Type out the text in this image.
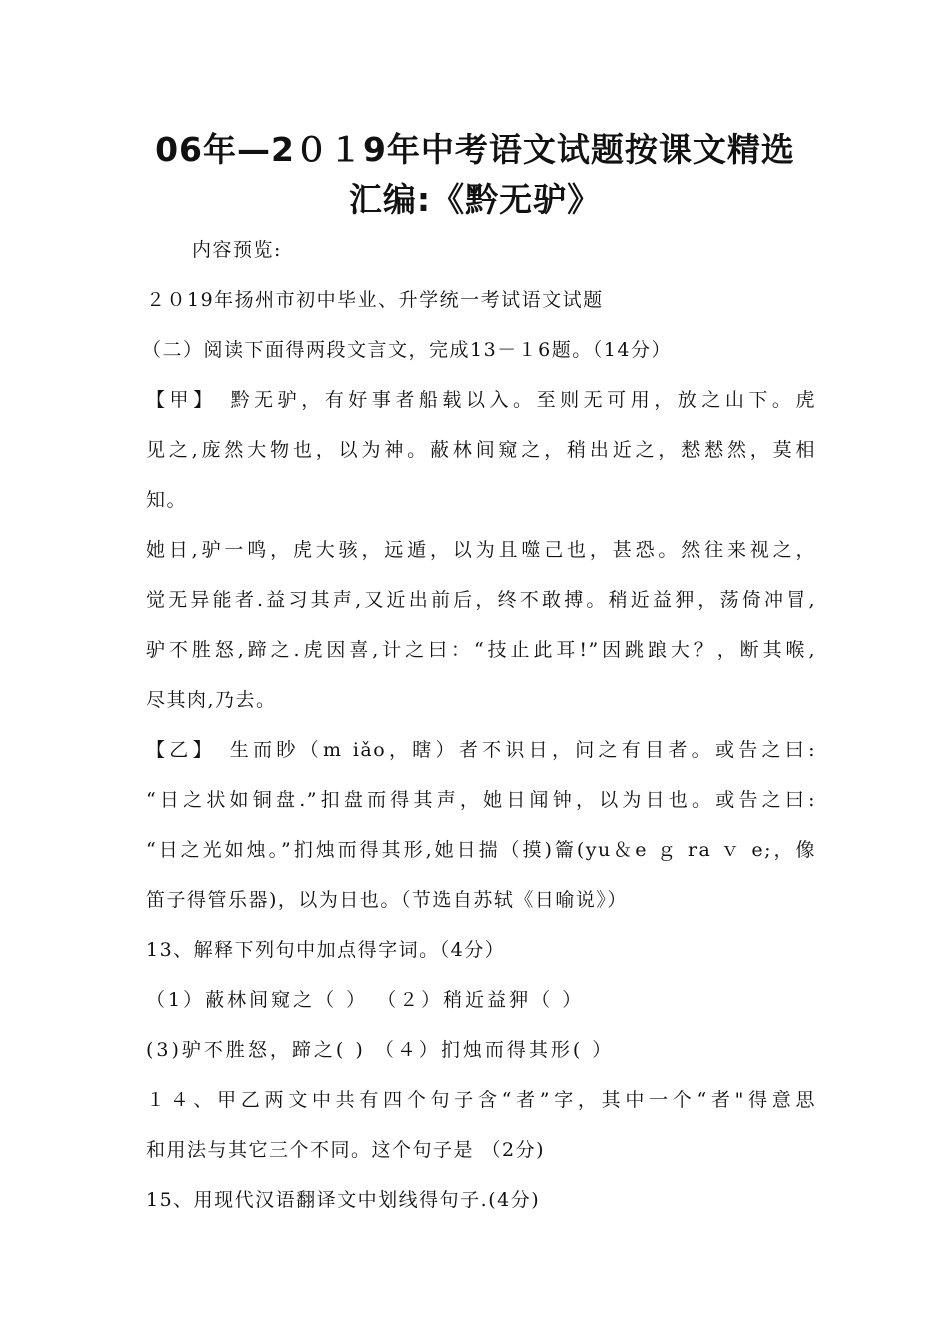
06年—2０１9年中考语文试题按课文精选
汇编:《黔无驴》
内容预览:
２０19年扬州市初中毕业、升学统一考试语文试题
（二）阅读下面得两段文言文，完成13－１6题。（14分）
【甲】 黔无驴，有好事者船载以入。至则无可用，放之山下。虎
见之,庞然大物也，以为神。蔽林间窥之，稍出近之，慭慭然，莫相
知。
她日,驴一鸣，虎大骇，远遁，以为且噬己也，甚恐。然往来视之，
觉无异能者.益习其声,又近出前后，终不敢搏。稍近益狎，荡倚冲冒,
驴不胜怒,蹄之.虎因喜,计之曰：“技止此耳!”因跳踉大？，断其喉,
尽其肉,乃去。
【乙】 生而眇（m iǎo，瞎）者不识日，问之有目者。或告之曰:
“日之状如铜盘.”扣盘而得其声，她日闻钟，以为日也。或告之曰:
“日之光如烛。”扪烛而得其形,她日揣（摸)籥(yu＆e ｇ ra ｖ e;，像
笛子得管乐器)，以为日也。（节选自苏轼《日喻说》）
13、解释下列句中加点得字词。（4分）
（1）蔽林间窥之（ ） （２）稍近益狎（ ）
(3)驴不胜怒，蹄之( ) （４）扪烛而得其形( ）
１４、甲乙两文中共有四个句子含“者”字，其中一个“者"得意思
和用法与其它三个不同。这个句子是 （2分)
15、用现代汉语翻译文中划线得句子.(4分)
